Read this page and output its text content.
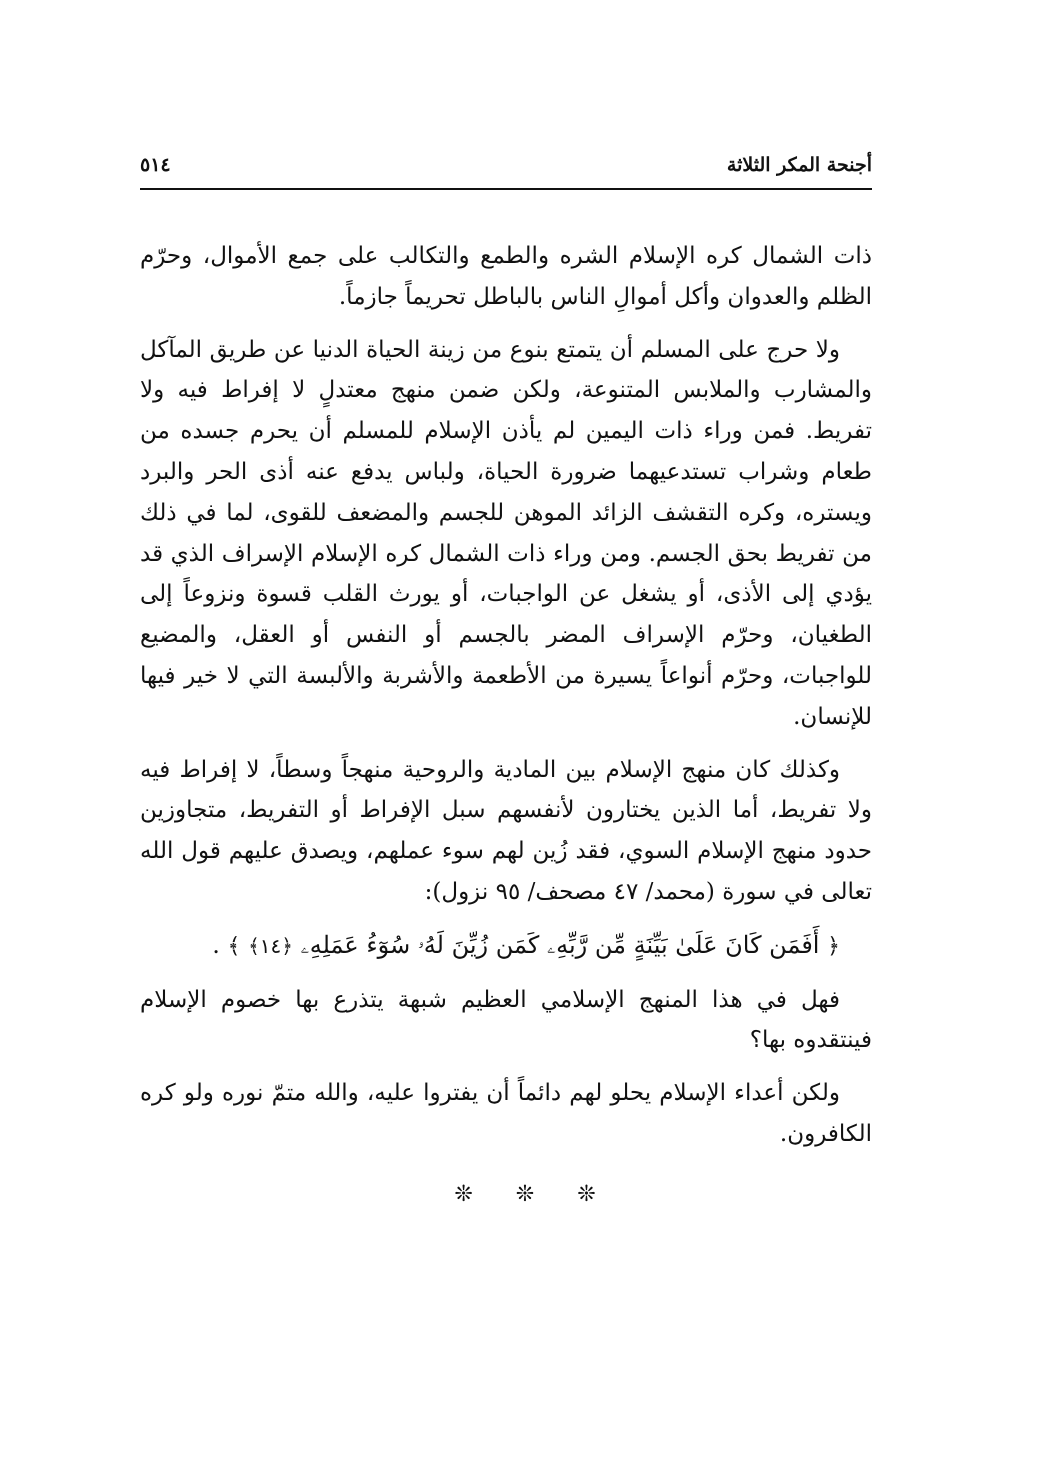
أجنحة المكر الثلاثة
٥١٤

ذات الشمال كره الإسلام الشره والطمع والتكالب على جمع الأموال، وحرّم الظلم والعدوان وأكل أموالِ الناس بالباطل تحريماً جازماً.

ولا حرج على المسلم أن يتمتع بنوع من زينة الحياة الدنيا عن طريق المآكل والمشارب والملابس المتنوعة، ولكن ضمن منهج معتدلٍ لا إفراط فيه ولا تفريط. فمن وراء ذات اليمين لم يأذن الإسلام للمسلم أن يحرم جسده من طعام وشراب تستدعيهما ضرورة الحياة، ولباس يدفع عنه أذى الحر والبرد ويستره، وكره التقشف الزائد الموهن للجسم والمضعف للقوى، لما في ذلك من تفريط بحق الجسم. ومن وراء ذات الشمال كره الإسلام الإسراف الذي قد يؤدي إلى الأذى، أو يشغل عن الواجبات، أو يورث القلب قسوة ونزوعاً إلى الطغيان، وحرّم الإسراف المضر بالجسم أو النفس أو العقل، والمضيع للواجبات، وحرّم أنواعاً يسيرة من الأطعمة والأشربة والألبسة التي لا خير فيها للإنسان.

وكذلك كان منهج الإسلام بين المادية والروحية منهجاً وسطاً، لا إفراط فيه ولا تفريط، أما الذين يختارون لأنفسهم سبل الإفراط أو التفريط، متجاوزين حدود منهج الإسلام السوي، فقد زُين لهم سوء عملهم، ويصدق عليهم قول الله تعالى في سورة (محمد/ ٤٧ مصحف/ ٩٥ نزول):

﴿ أَفَمَن كَانَ عَلَىٰ بَيِّنَةٍ مِّن رَّبِّهِۦ كَمَن زُيِّنَ لَهُۥ سُوٓءُ عَمَلِهِۦ ﴿١٤﴾ ﴾ .

فهل في هذا المنهج الإسلامي العظيم شبهة يتذرع بها خصوم الإسلام فينتقدوه بها؟

ولكن أعداء الإسلام يحلو لهم دائماً أن يفتروا عليه، والله متمّ نوره ولو كره الكافرون.

❊ ❊ ❊
